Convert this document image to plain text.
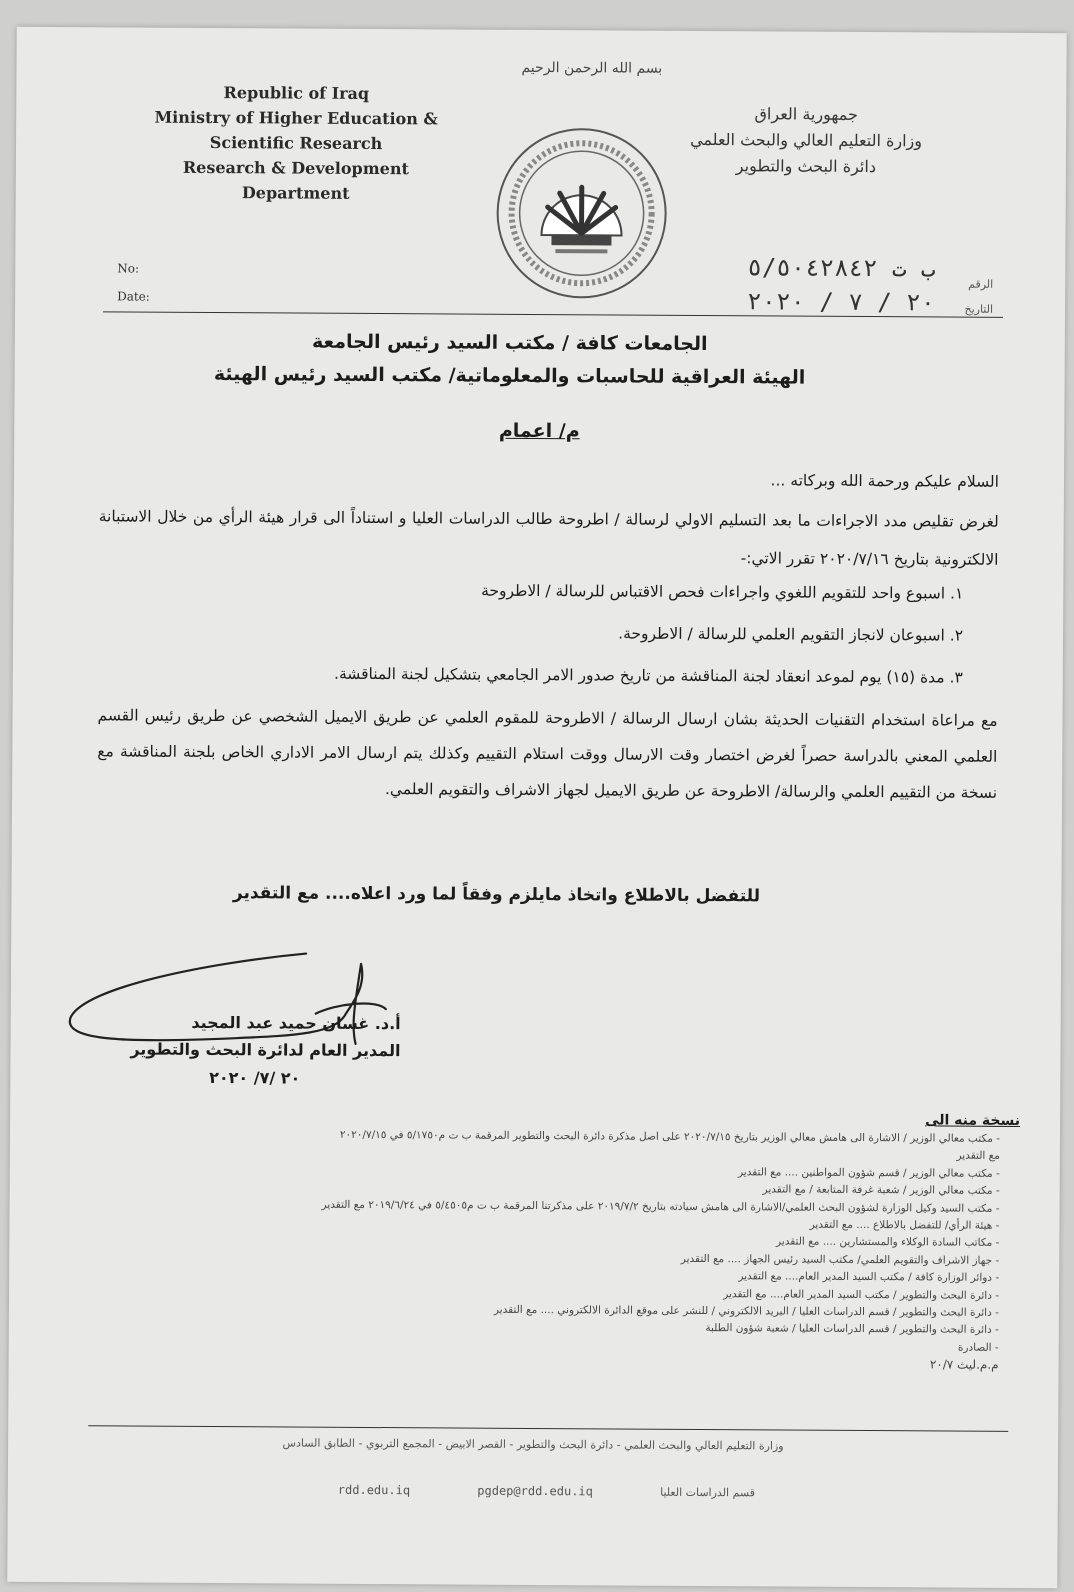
بسم الله الرحمن الرحيم
Republic of Iraq
Ministry of Higher Education &
Scientific Research
Research & Development
Department
جمهورية العراق
وزارة التعليم العالي والبحث العلمي
دائرة البحث والتطوير
No:
Date:
الرقم
التاريخ
ب ت ٥/٥٠٤٢٨٤٢
٢٠ / ٧ / ٢٠٢٠
الجامعات كافة / مكتب السيد رئيس الجامعة
الهيئة العراقية للحاسبات والمعلوماتية/ مكتب السيد رئيس الهيئة
م/ اعمام
السلام عليكم ورحمة الله وبركاته ...
لغرض تقليص مدد الاجراءات ما بعد التسليم الاولي لرسالة / اطروحة طالب الدراسات العليا و استناداً الى قرار هيئة الرأي من خلال الاستبانة الالكترونية بتاريخ ٢٠٢٠/٧/١٦ تقرر الاتي:-
١. اسبوع واحد للتقويم اللغوي واجراءات فحص الاقتباس للرسالة / الاطروحة
٢. اسبوعان لانجاز التقويم العلمي للرسالة / الاطروحة.
٣. مدة (١٥) يوم لموعد انعقاد لجنة المناقشة من تاريخ صدور الامر الجامعي بتشكيل لجنة المناقشة.
مع مراعاة استخدام التقنيات الحديثة بشان ارسال الرسالة / الاطروحة للمقوم العلمي عن طريق الايميل الشخصي عن طريق رئيس القسم العلمي المعني بالدراسة حصراً لغرض اختصار وقت الارسال ووقت استلام التقييم وكذلك يتم ارسال الامر الاداري الخاص بلجنة المناقشة مع نسخة من التقييم العلمي والرسالة/ الاطروحة عن طريق الايميل لجهاز الاشراف والتقويم العلمي.
للتفضل بالاطلاع واتخاذ مايلزم وفقاً لما ورد اعلاه.... مع التقدير
أ.د. غسان حميد عبد المجيد
المدير العام لدائرة البحث والتطوير
٢٠ /٧/ ٢٠٢٠
نسخة منه الى
- مكتب معالي الوزير / الاشارة الى هامش معالي الوزير بتاريخ ٢٠٢٠/٧/١٥ على اصل مذكرة دائرة البحث والتطوير المرقمة ب ت م٥/١٧٥٠ في ٢٠٢٠/٧/١٥
مع التقدير
- مكتب معالي الوزير / قسم شؤون المواطنين .... مع التقدير
- مكتب معالي الوزير / شعبة غرفة المتابعة / مع التقدير
- مكتب السيد وكيل الوزارة لشؤون البحث العلمي/الاشارة الى هامش سيادته بتاريخ ٢٠١٩/٧/٢ على مذكرتنا المرقمة ب ت م٥/٤٥٠٥ في ٢٠١٩/٦/٢٤ مع التقدير
- هيئة الرأي/ للتفضل بالاطلاع .... مع التقدير
- مكاتب السادة الوكلاء والمستشارين .... مع التقدير
- جهاز الاشراف والتقويم العلمي/ مكتب السيد رئيس الجهاز .... مع التقدير
- دوائر الوزارة كافة / مكتب السيد المدير العام.... مع التقدير
- دائرة البحث والتطوير / مكتب السيد المدير العام.... مع التقدير
- دائرة البحث والتطوير / قسم الدراسات العليا / البريد الالكتروني / للنشر على موقع الدائرة الالكتروني .... مع التقدير
- دائرة البحث والتطوير / قسم الدراسات العليا / شعبة شؤون الطلبة
- الصادرة
م.م.ليث ٢٠/٧
وزارة التعليم العالي والبحث العلمي - دائرة البحث والتطوير - القصر الابيض - المجمع التربوي - الطابق السادس
rdd.edu.iq	pgdep@rdd.edu.iq	قسم الدراسات العليا
